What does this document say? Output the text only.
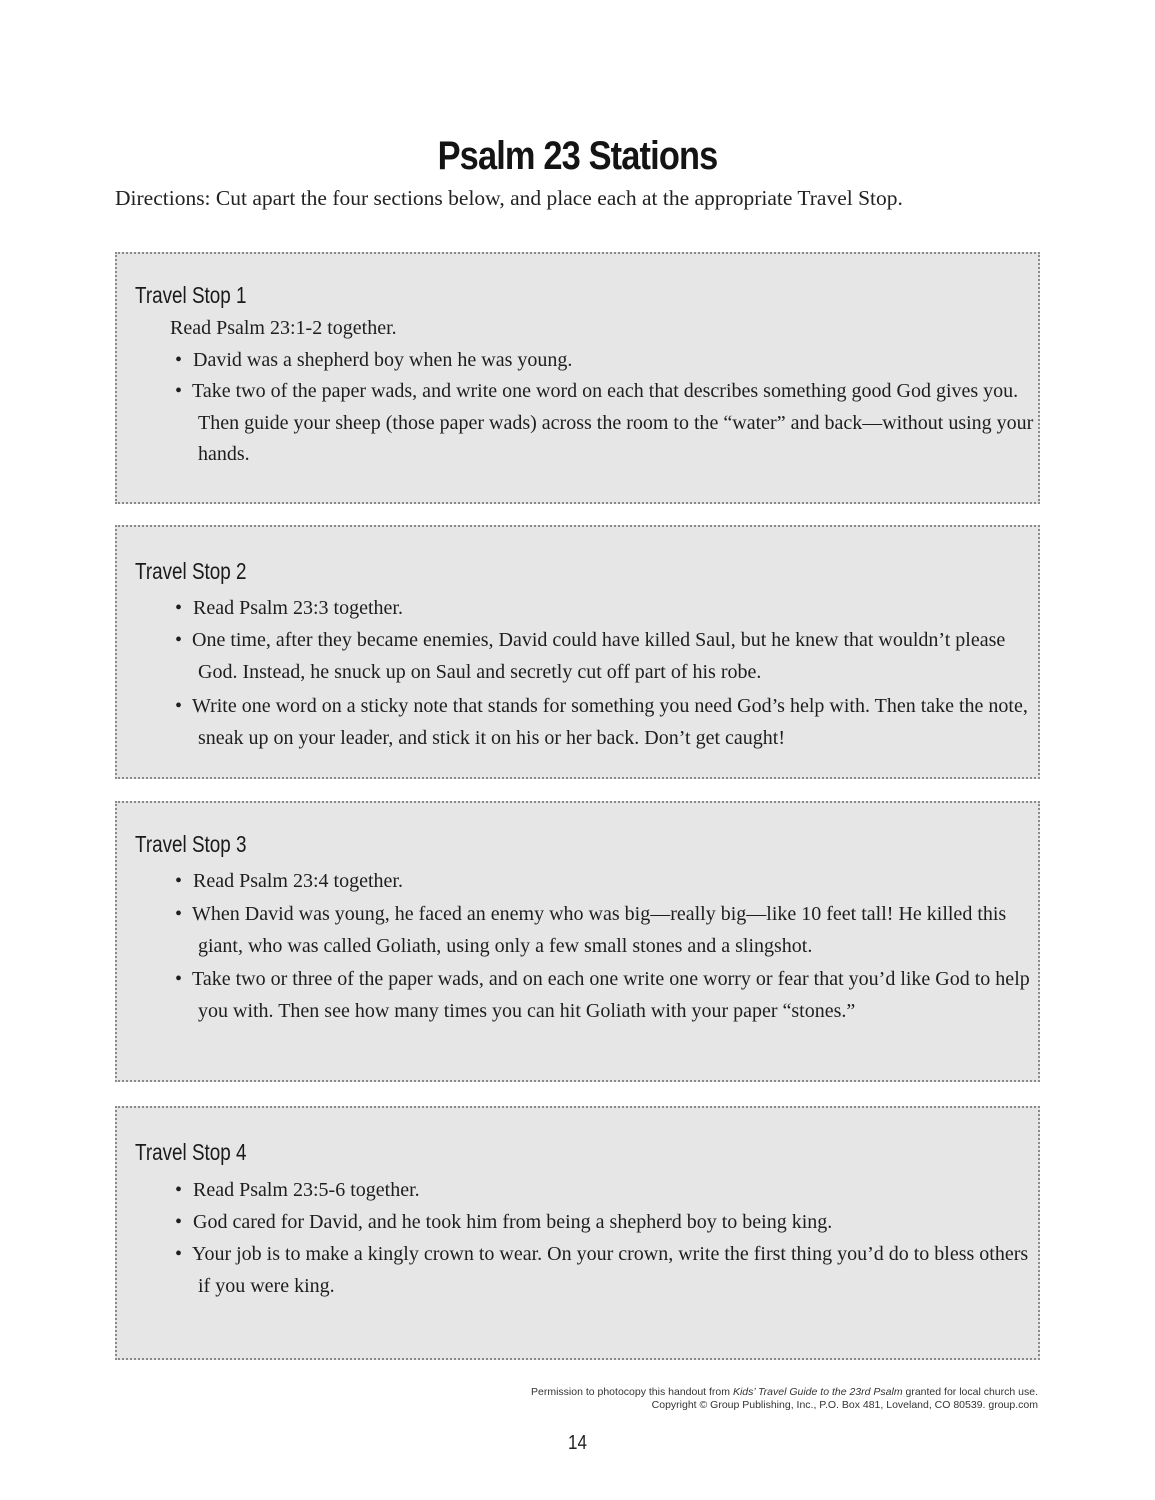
Psalm 23 Stations
Directions: Cut apart the four sections below, and place each at the appropriate Travel Stop.
Travel Stop 1
Read Psalm 23:1-2 together.
• David was a shepherd boy when he was young.
• Take two of the paper wads, and write one word on each that describes something good God gives you. Then guide your sheep (those paper wads) across the room to the “water” and back—without using your hands.
Travel Stop 2
• Read Psalm 23:3 together.
• One time, after they became enemies, David could have killed Saul, but he knew that wouldn’t please God. Instead, he snuck up on Saul and secretly cut off part of his robe.
• Write one word on a sticky note that stands for something you need God’s help with. Then take the note, sneak up on your leader, and stick it on his or her back. Don’t get caught!
Travel Stop 3
• Read Psalm 23:4 together.
• When David was young, he faced an enemy who was big—really big—like 10 feet tall! He killed this giant, who was called Goliath, using only a few small stones and a slingshot.
• Take two or three of the paper wads, and on each one write one worry or fear that you’d like God to help you with. Then see how many times you can hit Goliath with your paper “stones.”
Travel Stop 4
• Read Psalm 23:5-6 together.
• God cared for David, and he took him from being a shepherd boy to being king.
• Your job is to make a kingly crown to wear. On your crown, write the first thing you’d do to bless others if you were king.
Permission to photocopy this handout from Kids’ Travel Guide to the 23rd Psalm granted for local church use.
Copyright © Group Publishing, Inc., P.O. Box 481, Loveland, CO 80539. group.com
14
